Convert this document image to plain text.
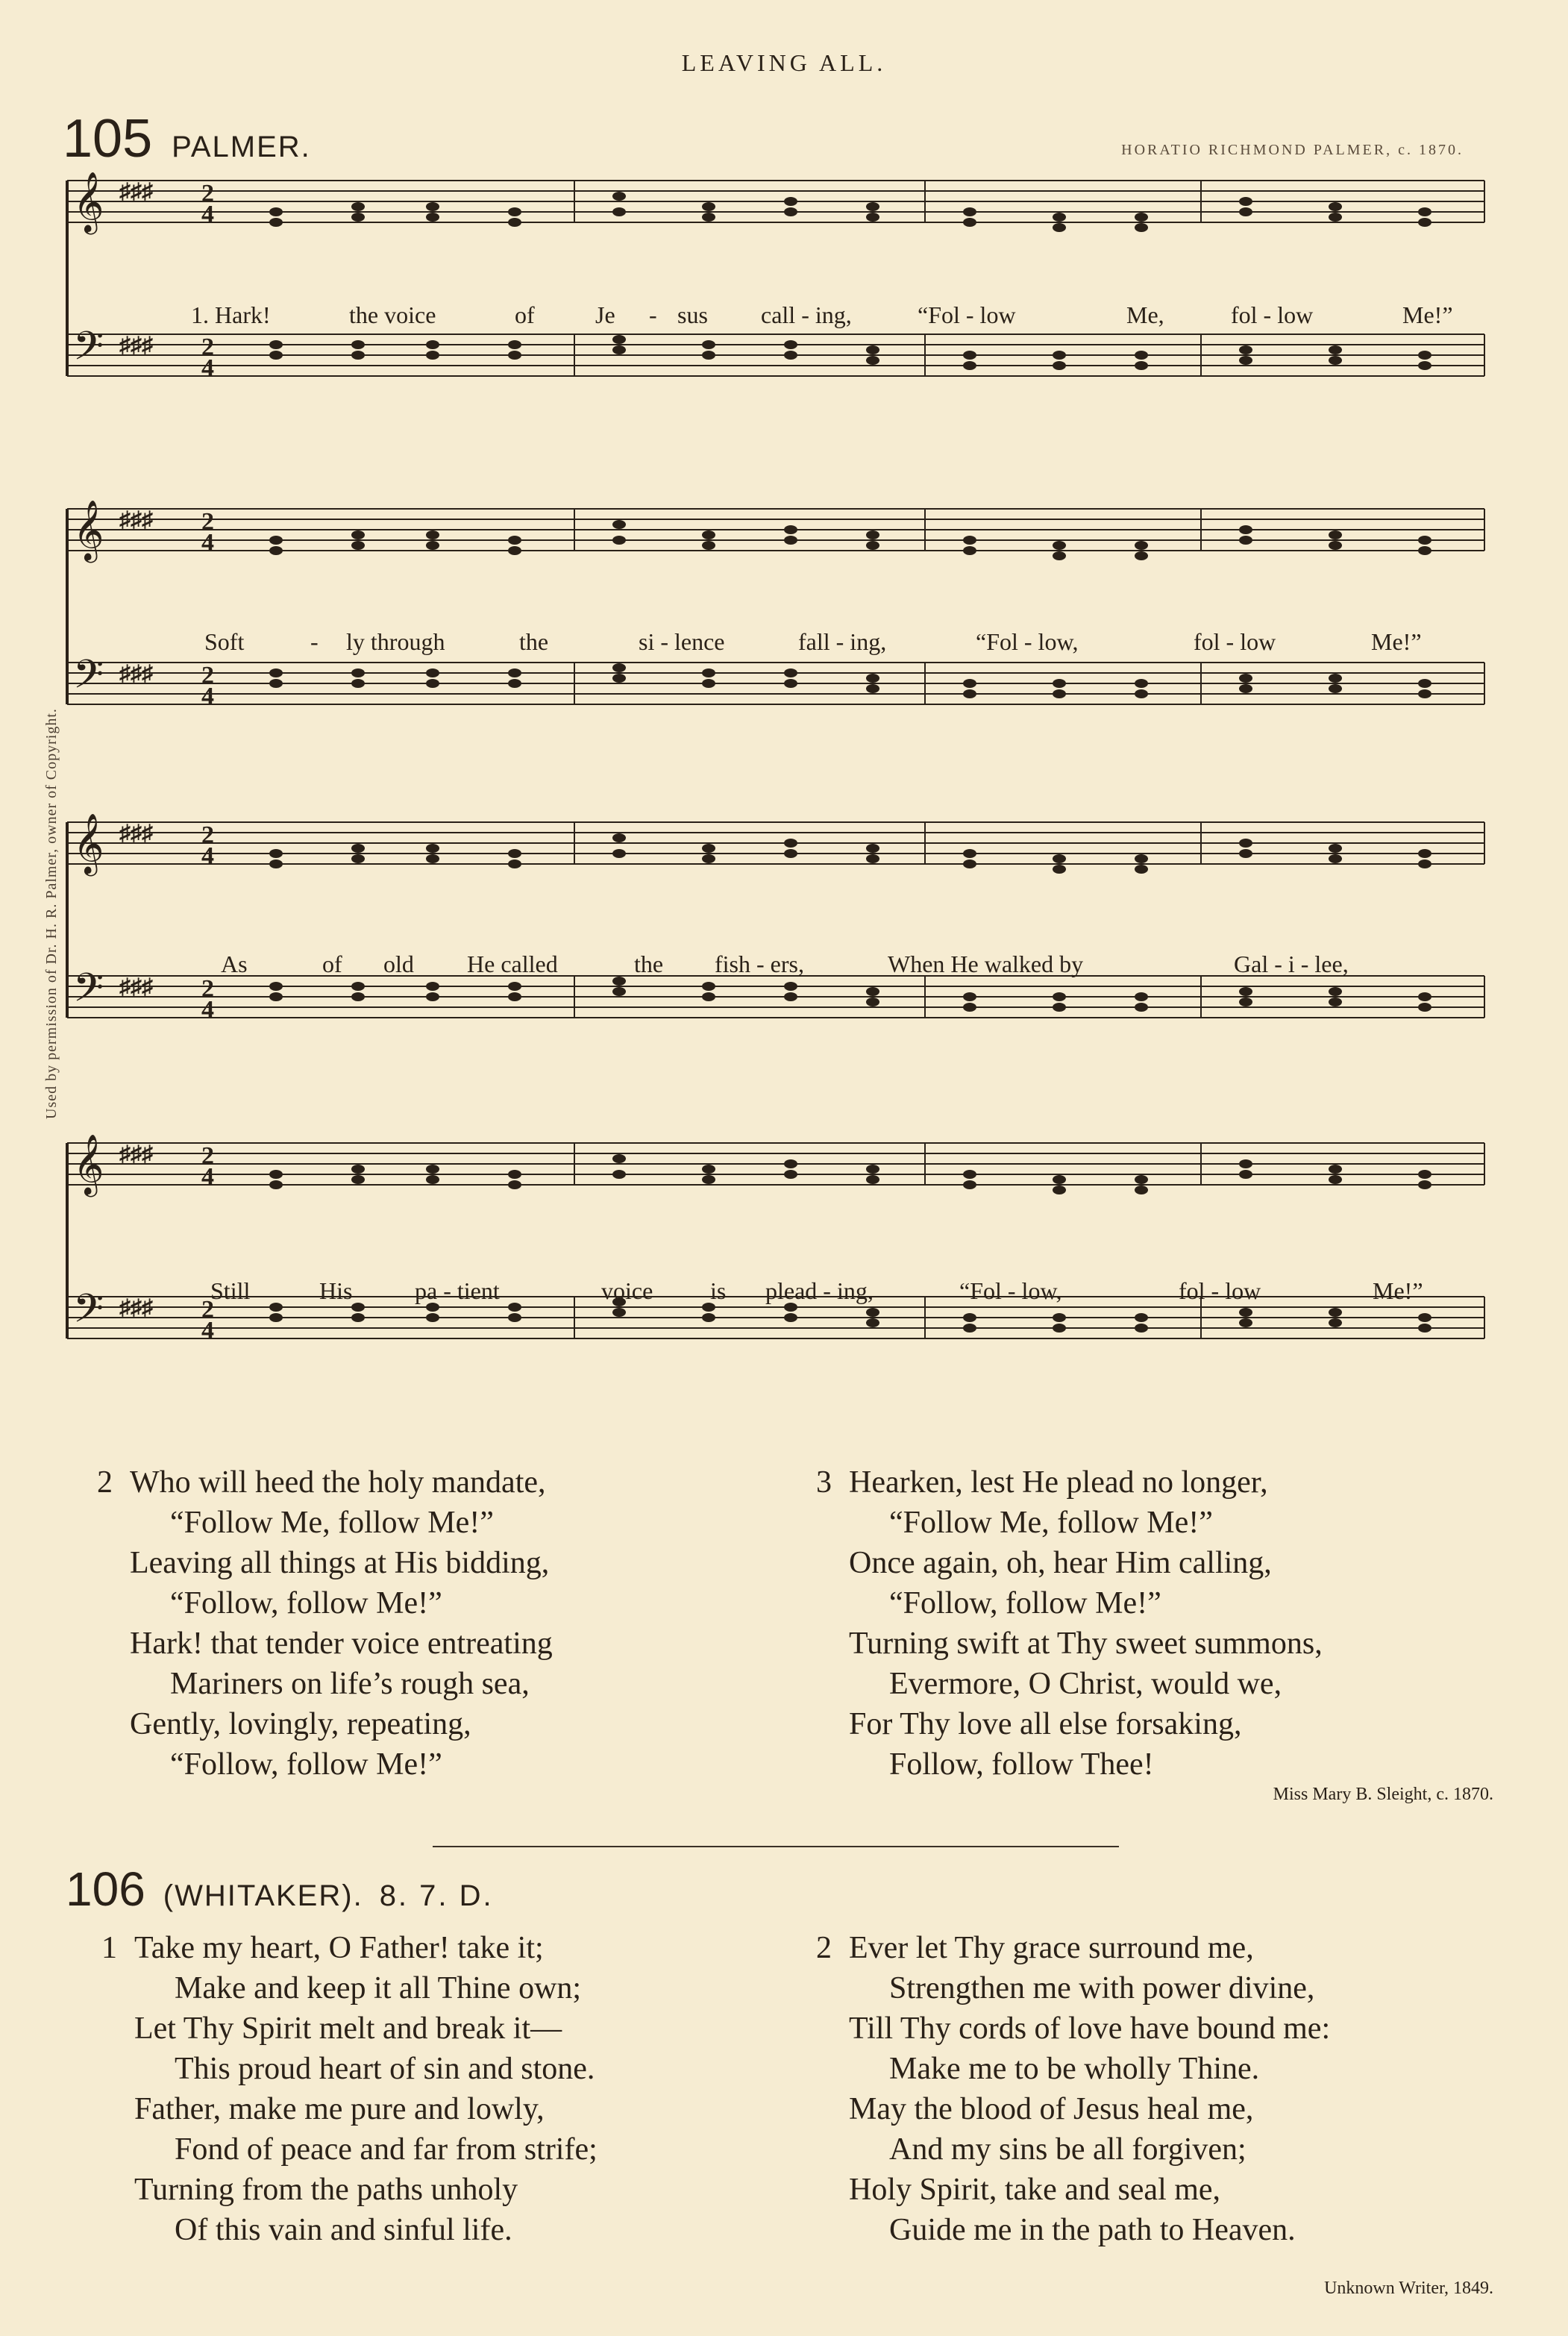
LEAVING ALL.
105 PALMER.	HORATIO RICHMOND PALMER, c. 1870.
Used by permission of Dr. H. R. Palmer, owner of Copyright.
𝄞
𝄢
♯♯♯
♯♯♯
2
4
2
4
1. Hark!	the voice	of	Je - sus call - ing,	“Fol - low	Me,	fol - low	Me!”
Soft	- ly through	the	si - lence	fall - ing,	“Fol - low,	fol - low	Me!”
As	of old He called	the fish - ers,	When He walked by	Gal - i - lee,
Still	His	pa - tient	voice is plead - ing,	“Fol - low,	fol - low	Me!”
2 Who will heed the holy mandate,
“Follow Me, follow Me!”
Leaving all things at His bidding,
“Follow, follow Me!”
Hark! that tender voice entreating
Mariners on life’s rough sea,
Gently, lovingly, repeating,
“Follow, follow Me!”
3 Hearken, lest He plead no longer,
“Follow Me, follow Me!”
Once again, oh, hear Him calling,
“Follow, follow Me!”
Turning swift at Thy sweet summons,
Evermore, O Christ, would we,
For Thy love all else forsaking,
Follow, follow Thee!
Miss Mary B. Sleight, c. 1870.
106 (WHITAKER). 8. 7. D.
1 Take my heart, O Father! take it;
Make and keep it all Thine own;
Let Thy Spirit melt and break it—
This proud heart of sin and stone.
Father, make me pure and lowly,
Fond of peace and far from strife;
Turning from the paths unholy
Of this vain and sinful life.
2 Ever let Thy grace surround me,
Strengthen me with power divine,
Till Thy cords of love have bound me:
Make me to be wholly Thine.
May the blood of Jesus heal me,
And my sins be all forgiven;
Holy Spirit, take and seal me,
Guide me in the path to Heaven.
Unknown Writer, 1849.
